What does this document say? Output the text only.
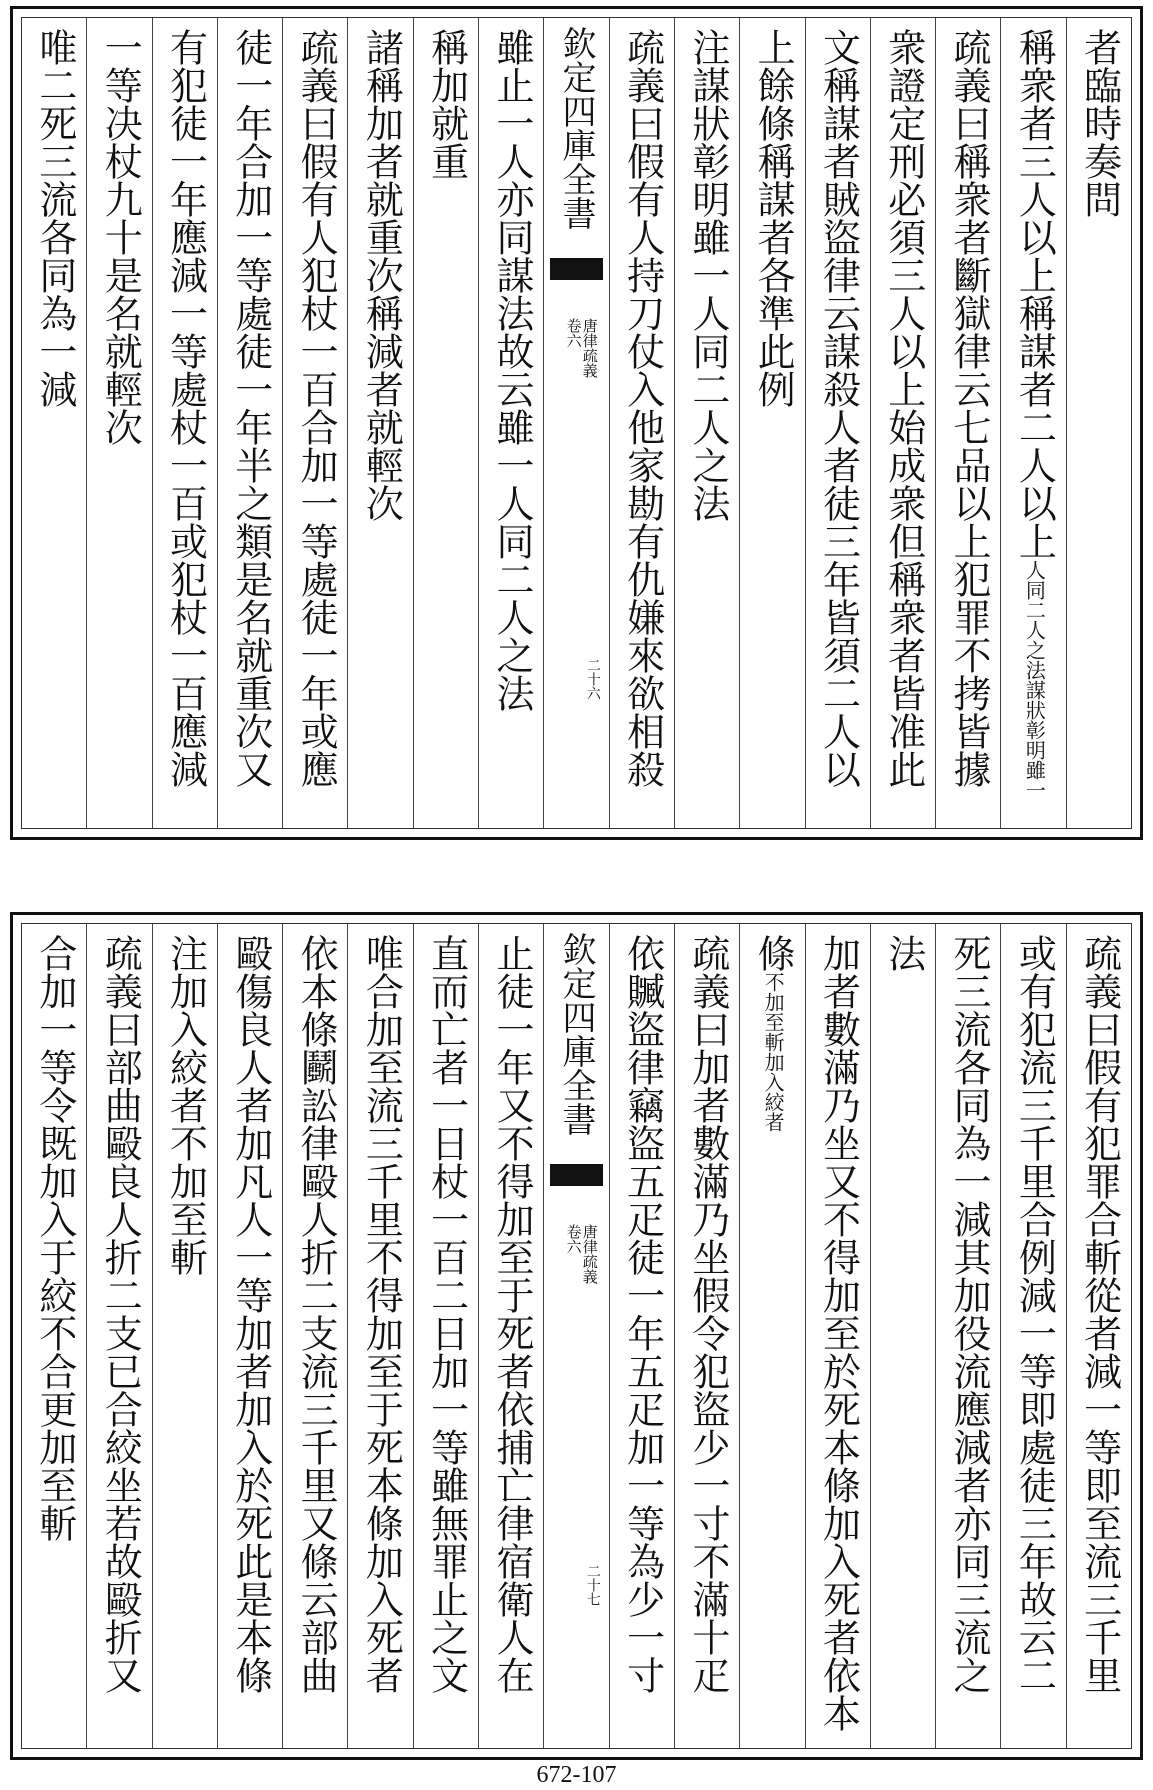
者臨時奏問
稱衆者三人以上稱謀者二人以上
謀狀彰明雖一
人同二人之法
疏義曰稱衆者斷獄律云七品以上犯罪不拷皆據
衆證定刑必須三人以上始成衆但稱衆者皆准此
文稱謀者賊盜律云謀殺人者徒三年皆須二人以
上餘條稱謀者各準此例
注謀狀彰明雖一人同二人之法
疏義曰假有人持刀仗入他家勘有仇嫌來欲相殺
欽定四庫全書
唐律疏義
卷六
二十六
雖止一人亦同謀法故云雖一人同二人之法
稱加就重
諸稱加者就重次稱減者就輕次
疏義曰假有人犯杖一百合加一等處徒一年或應
徒一年合加一等處徒一年半之類是名就重次又
有犯徒一年應減一等處杖一百或犯杖一百應減
一等决杖九十是名就輕次
唯二死三流各同為一減
疏義曰假有犯罪合斬從者減一等即至流三千里
或有犯流三千里合例減一等即處徒三年故云二
死三流各同為一減其加役流應減者亦同三流之
法
加者數滿乃坐又不得加至於死本條加入死者依本
條
加入絞者
不加至斬
疏義曰加者數滿乃坐假令犯盜少一寸不滿十疋
依贓盜律竊盜五疋徒一年五疋加一等為少一寸
欽定四庫全書
唐律疏義
卷六
二十七
止徒一年又不得加至于死者依捕亡律宿衛人在
直而亡者一日杖一百二日加一等雖無罪止之文
唯合加至流三千里不得加至于死本條加入死者
依本條鬬訟律毆人折二支流三千里又條云部曲
毆傷良人者加凡人一等加者加入於死此是本條
注加入絞者不加至斬
疏義曰部曲毆良人折二支已合絞坐若故毆折又
合加一等令既加入于絞不合更加至斬
672-107
